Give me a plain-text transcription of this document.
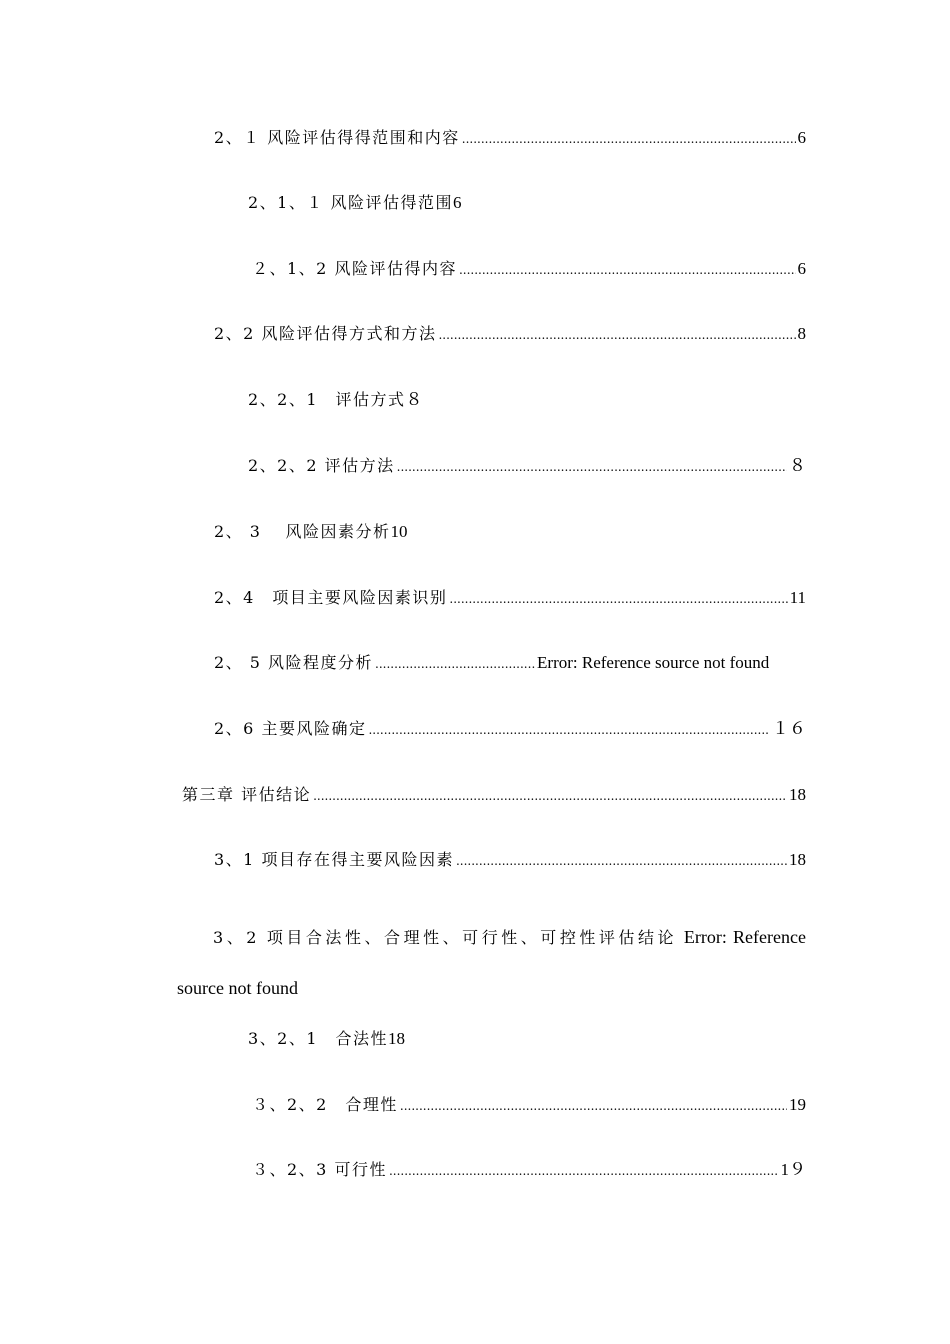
2、１ 风险评估得得范围和内容 .....	6
2、1、１ 风险评估得范围 6
２、1、2 风险评估得内容 .....	6
2、2 风险评估得方式和方法 .....	8
2、2、1　评估方式 ８
2、2、2 评估方法 .....	８
2、 3　 风险因素分析 10
2、4　项目主要风险因素识别 .....	11
2、 5 风险程度分析 .....	Error: Reference source not found
2、6 主要风险确定 .....	１６
第三章 评估结论 .....	18
3、1 项目存在得主要风险因素 .....	18
3、2 项目合法性、合理性、可行性、可控性评估结论 Error: Reference source not found
3、2、1　合法性 18
３、2、2　合理性 .....	19
３、2、3 可行性 .....	1９
